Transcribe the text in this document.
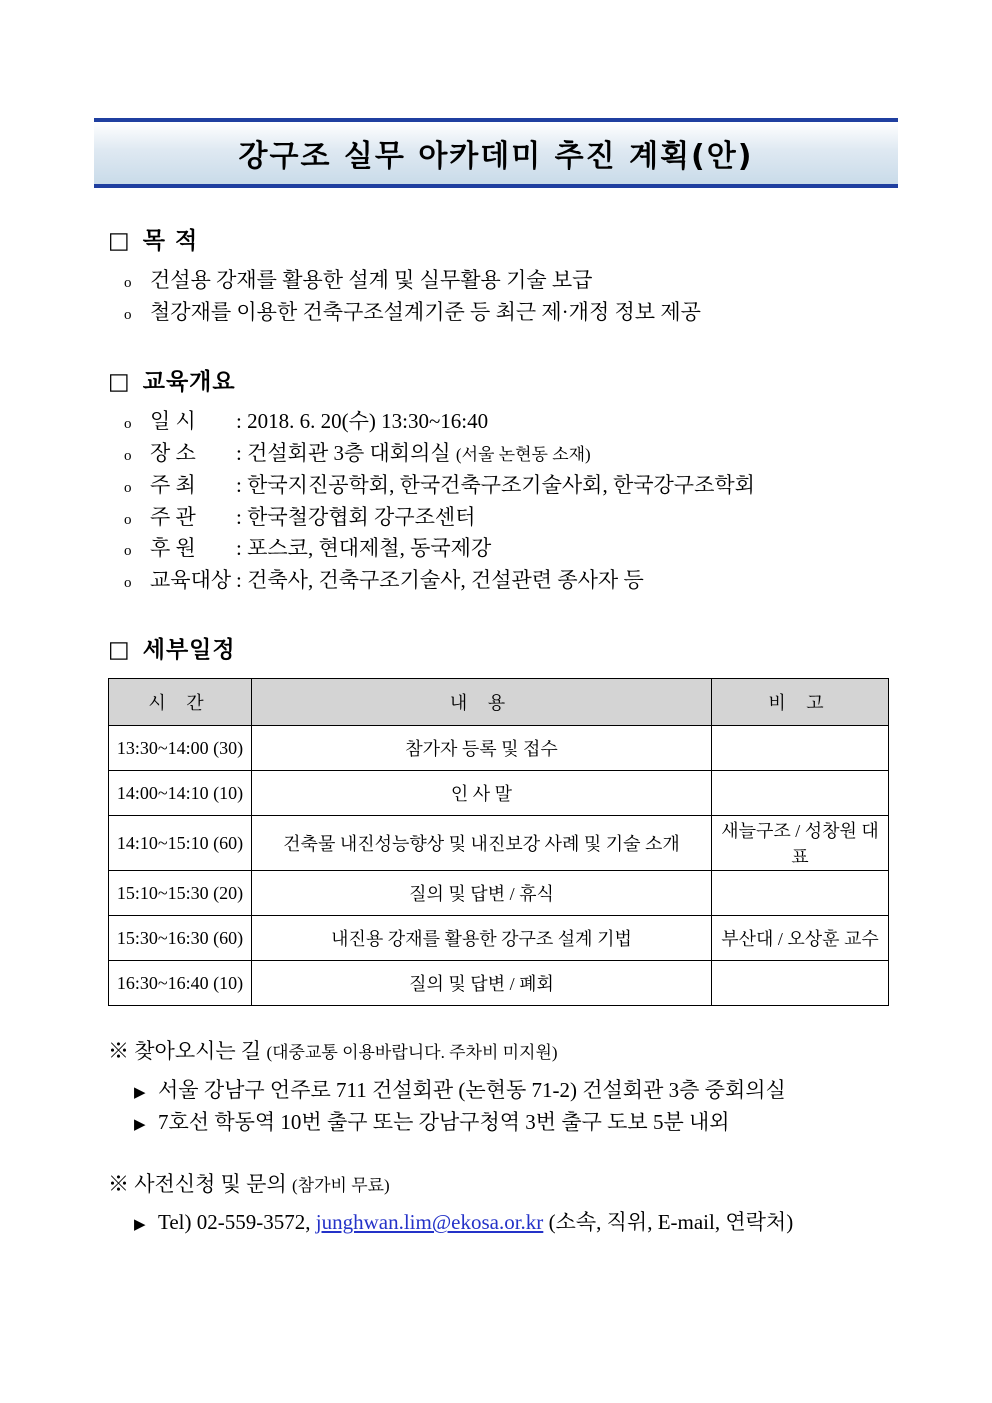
강구조 실무 아카데미 추진 계획(안)
□ 목 적
o 건설용 강재를 활용한 설계 및 실무활용 기술 보급
o 철강재를 이용한 건축구조설계기준 등 최근 제·개정 정보 제공
□ 교육개요
o 일 시 : 2018. 6. 20(수) 13:30~16:40
o 장 소 : 건설회관 3층 대회의실 (서울 논현동 소재)
o 주 최 : 한국지진공학회, 한국건축구조기술사회, 한국강구조학회
o 주 관 : 한국철강협회 강구조센터
o 후 원 : 포스코, 현대제철, 동국제강
o 교육대상 : 건축사, 건축구조기술사, 건설관련 종사자 등
□ 세부일정
시 간	내 용	비 고
13:30~14:00 (30)	참가자 등록 및 접수	
14:00~14:10 (10)	인 사 말	
14:10~15:10 (60)	건축물 내진성능향상 및 내진보강 사례 및 기술 소개	새늘구조 / 성창원 대표
15:10~15:30 (20)	질의 및 답변 / 휴식	
15:30~16:30 (60)	내진용 강재를 활용한 강구조 설계 기법	부산대 / 오상훈 교수
16:30~16:40 (10)	질의 및 답변 / 폐회	
※ 찾아오시는 길 (대중교통 이용바랍니다. 주차비 미지원)
▶ 서울 강남구 언주로 711 건설회관 (논현동 71-2) 건설회관 3층 중회의실
▶ 7호선 학동역 10번 출구 또는 강남구청역 3번 출구 도보 5분 내외
※ 사전신청 및 문의 (참가비 무료)
▶ Tel) 02-559-3572, junghwan.lim@ekosa.or.kr (소속, 직위, E-mail, 연락처)
